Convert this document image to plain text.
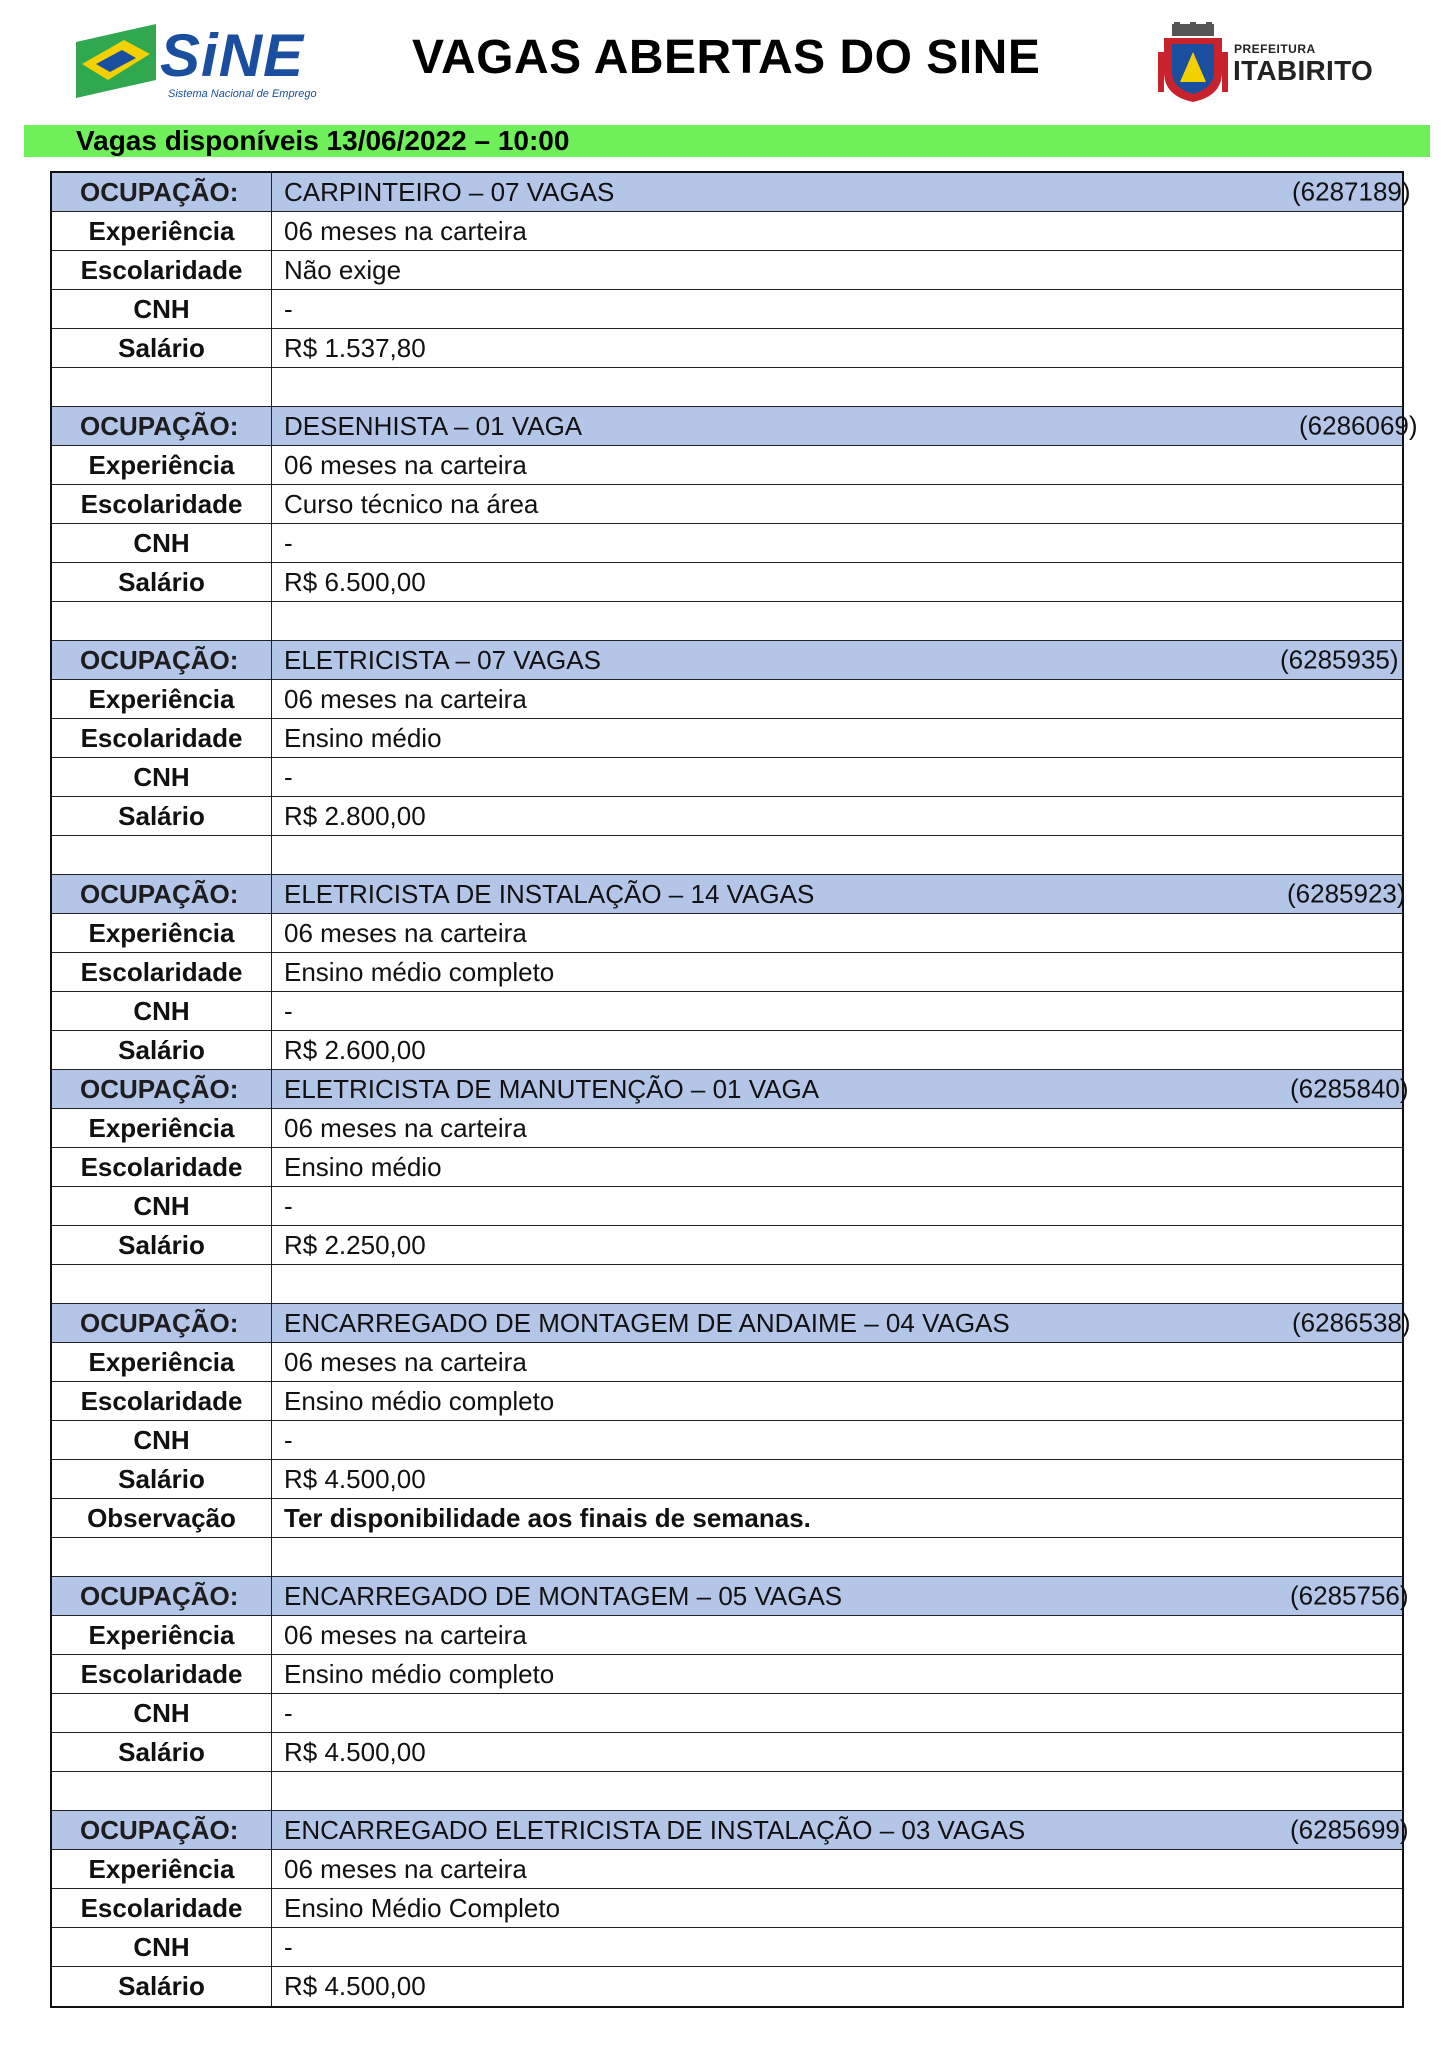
SiNE
Sistema Nacional de Emprego
VAGAS ABERTAS DO SINE	PREFEITURA
ITABIRITO
Vagas disponíveis 13/06/2022 – 10:00
OCUPAÇÃO:	CARPINTEIRO – 07 VAGAS	(6287189)
Experiência	06 meses na carteira
Escolaridade	Não exige
CNH	-
Salário	R$ 1.537,80
OCUPAÇÃO:	DESENHISTA – 01 VAGA	(6286069)
Experiência	06 meses na carteira
Escolaridade	Curso técnico na área
CNH	-
Salário	R$ 6.500,00
OCUPAÇÃO:	ELETRICISTA – 07 VAGAS	(6285935)
Experiência	06 meses na carteira
Escolaridade	Ensino médio
CNH	-
Salário	R$ 2.800,00
OCUPAÇÃO:	ELETRICISTA DE INSTALAÇÃO – 14 VAGAS	(6285923)
Experiência	06 meses na carteira
Escolaridade	Ensino médio completo
CNH	-
Salário	R$ 2.600,00
OCUPAÇÃO:	ELETRICISTA DE MANUTENÇÃO – 01 VAGA	(6285840)
Experiência	06 meses na carteira
Escolaridade	Ensino médio
CNH	-
Salário	R$ 2.250,00
OCUPAÇÃO:	ENCARREGADO DE MONTAGEM DE ANDAIME – 04 VAGAS	(6286538)
Experiência	06 meses na carteira
Escolaridade	Ensino médio completo
CNH	-
Salário	R$ 4.500,00
Observação	Ter disponibilidade aos finais de semanas.
OCUPAÇÃO:	ENCARREGADO DE MONTAGEM – 05 VAGAS	(6285756)
Experiência	06 meses na carteira
Escolaridade	Ensino médio completo
CNH	-
Salário	R$ 4.500,00
OCUPAÇÃO:	ENCARREGADO ELETRICISTA DE INSTALAÇÃO – 03 VAGAS	(6285699)
Experiência	06 meses na carteira
Escolaridade	Ensino Médio Completo
CNH	-
Salário	R$ 4.500,00
